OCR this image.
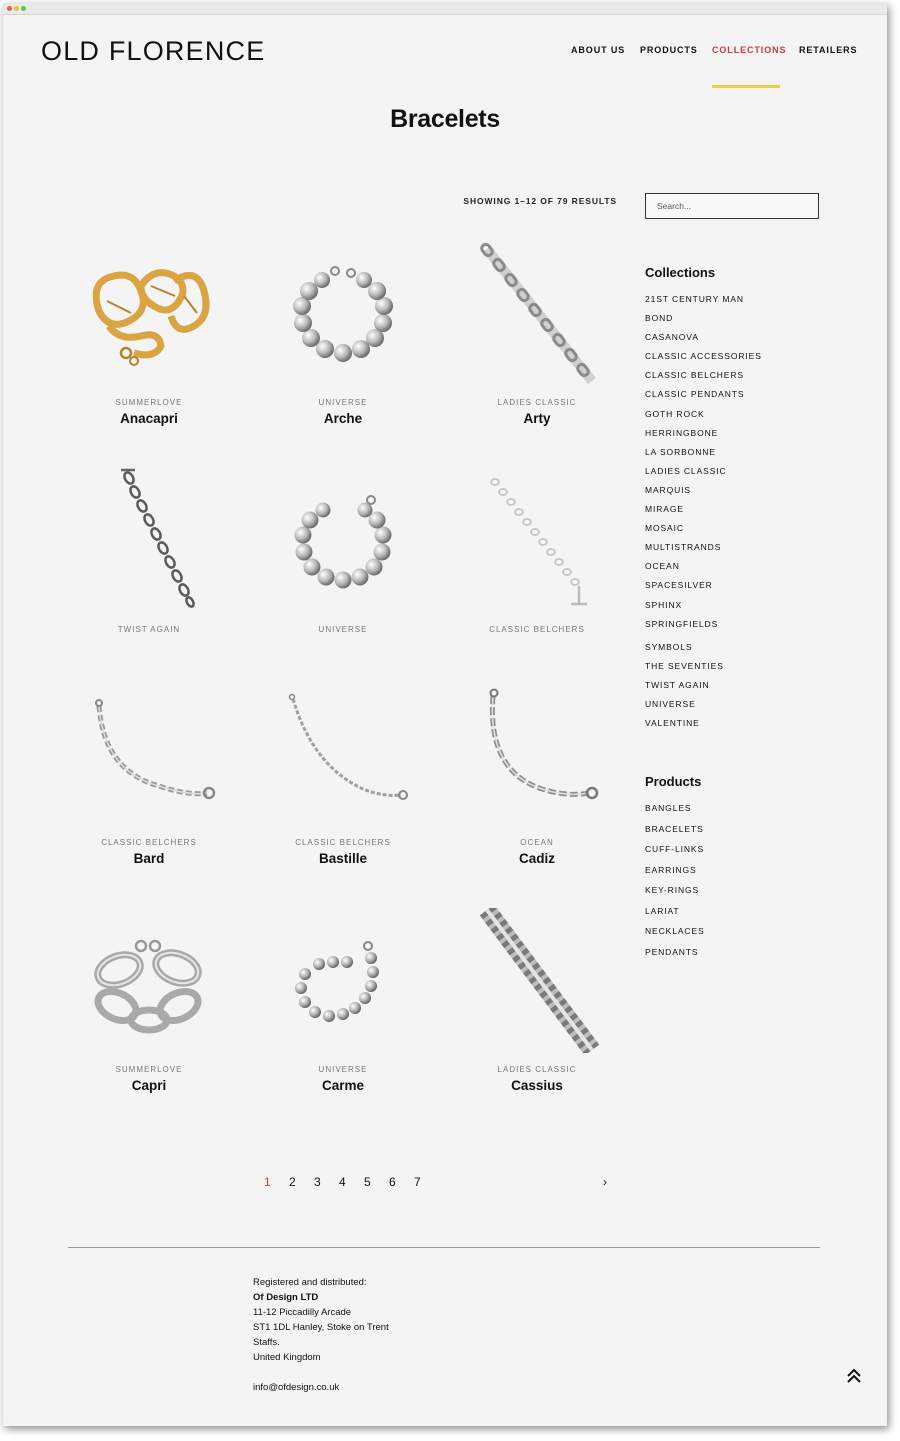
OLD FLORENCE	ABOUT US PRODUCTS COLLECTIONS RETAILERS
Bracelets
SHOWING 1–12 OF 79 RESULTS
Search...
SUMMERLOVE
Anacapri
UNIVERSE
Arche
LADIES CLASSIC
Arty
TWIST AGAIN	UNIVERSE	CLASSIC BELCHERS
CLASSIC BELCHERS
Bard
CLASSIC BELCHERS
Bastille
OCEAN
Cadiz
SUMMERLOVE
Capri
UNIVERSE
Carme
LADIES CLASSIC
Cassius
Collections
21ST CENTURY MAN
BOND
CASANOVA
CLASSIC ACCESSORIES
CLASSIC BELCHERS
CLASSIC PENDANTS
GOTH ROCK
HERRINGBONE
LA SORBONNE
LADIES CLASSIC
MARQUIS
MIRAGE
MOSAIC
MULTISTRANDS
OCEAN
SPACESILVER
SPHINX
SPRINGFIELDS
SYMBOLS
THE SEVENTIES
TWIST AGAIN
UNIVERSE
VALENTINE
Products
BANGLES
BRACELETS
CUFF-LINKS
EARRINGS
KEY-RINGS
LARIAT
NECKLACES
PENDANTS
1 2 3 4 5 6 7	›
Registered and distributed:
Of Design LTD
11-12 Piccadilly Arcade
ST1 1DL Hanley, Stoke on Trent
Staffs.
United Kingdom
info@ofdesign.co.uk
